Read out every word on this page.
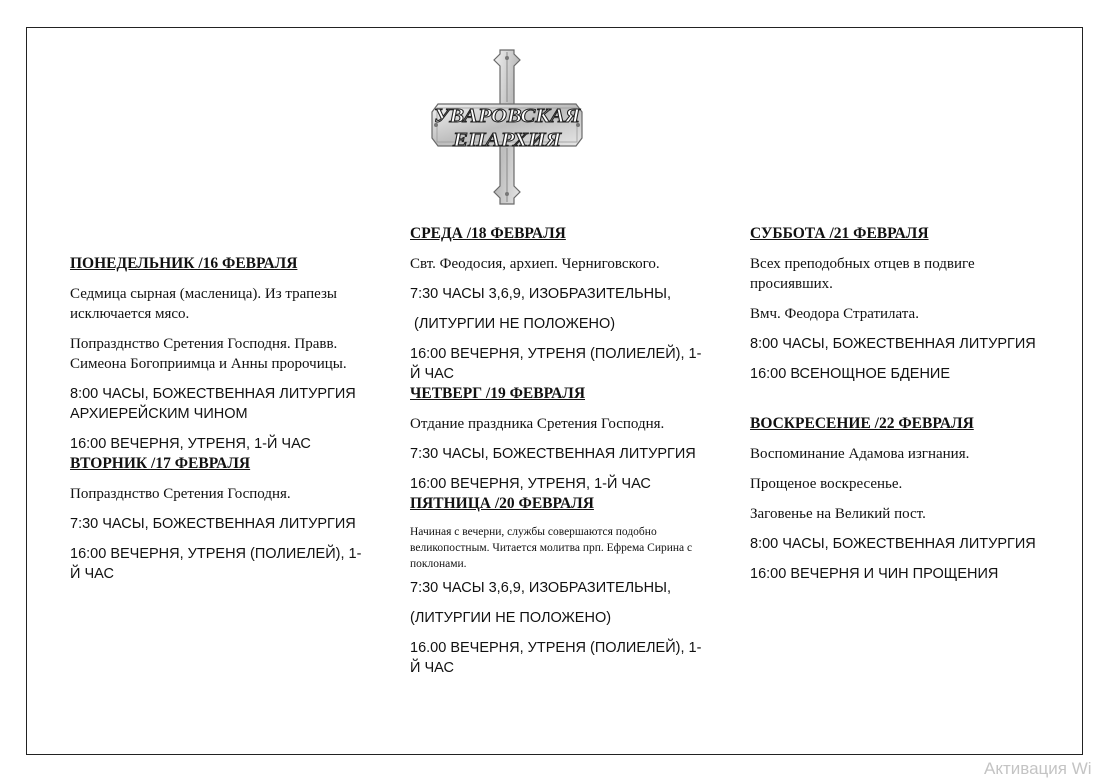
УВАРОВСКАЯ
ЕПАРХИЯ

ПОНЕДЕЛЬНИК /16 ФЕВРАЛЯ

Седмица сырная (масленица). Из трапезы исключается мясо.

Попразднство Сретения Господня. Правв. Симеона Богоприимца и Анны пророчицы.

8:00 ЧАСЫ, БОЖЕСТВЕННАЯ ЛИТУРГИЯ АРХИЕРЕЙСКИМ ЧИНОМ

16:00 ВЕЧЕРНЯ, УТРЕНЯ, 1-Й ЧАС

ВТОРНИК /17 ФЕВРАЛЯ

Попразднство Сретения Господня.

7:30 ЧАСЫ, БОЖЕСТВЕННАЯ ЛИТУРГИЯ

16:00 ВЕЧЕРНЯ, УТРЕНЯ (ПОЛИЕЛЕЙ), 1-Й ЧАС

СРЕДА /18 ФЕВРАЛЯ

Свт. Феодосия, архиеп. Черниговского.

7:30 ЧАСЫ 3,6,9, ИЗОБРАЗИТЕЛЬНЫ,

(ЛИТУРГИИ НЕ ПОЛОЖЕНО)

16:00 ВЕЧЕРНЯ, УТРЕНЯ (ПОЛИЕЛЕЙ), 1-Й ЧАС

ЧЕТВЕРГ /19 ФЕВРАЛЯ

Отдание праздника Сретения Господня.

7:30 ЧАСЫ, БОЖЕСТВЕННАЯ ЛИТУРГИЯ

16:00 ВЕЧЕРНЯ, УТРЕНЯ, 1-Й ЧАС

ПЯТНИЦА /20 ФЕВРАЛЯ

Начиная с вечерни, службы совершаются подобно великопостным. Читается молитва прп. Ефрема Сирина с поклонами.

7:30 ЧАСЫ 3,6,9, ИЗОБРАЗИТЕЛЬНЫ,

(ЛИТУРГИИ НЕ ПОЛОЖЕНО)

16.00 ВЕЧЕРНЯ, УТРЕНЯ (ПОЛИЕЛЕЙ), 1-Й ЧАС

СУББОТА /21 ФЕВРАЛЯ

Всех преподобных отцев в подвиге просиявших.

Вмч. Феодора Стратилата.

8:00 ЧАСЫ, БОЖЕСТВЕННАЯ ЛИТУРГИЯ

16:00 ВСЕНОЩНОЕ БДЕНИЕ

ВОСКРЕСЕНИЕ /22 ФЕВРАЛЯ

Воспоминание Адамова изгнания.

Прощеное воскресенье.

Заговенье на Великий пост.

8:00 ЧАСЫ, БОЖЕСТВЕННАЯ ЛИТУРГИЯ

16:00 ВЕЧЕРНЯ И ЧИН ПРОЩЕНИЯ

Активация Wi
